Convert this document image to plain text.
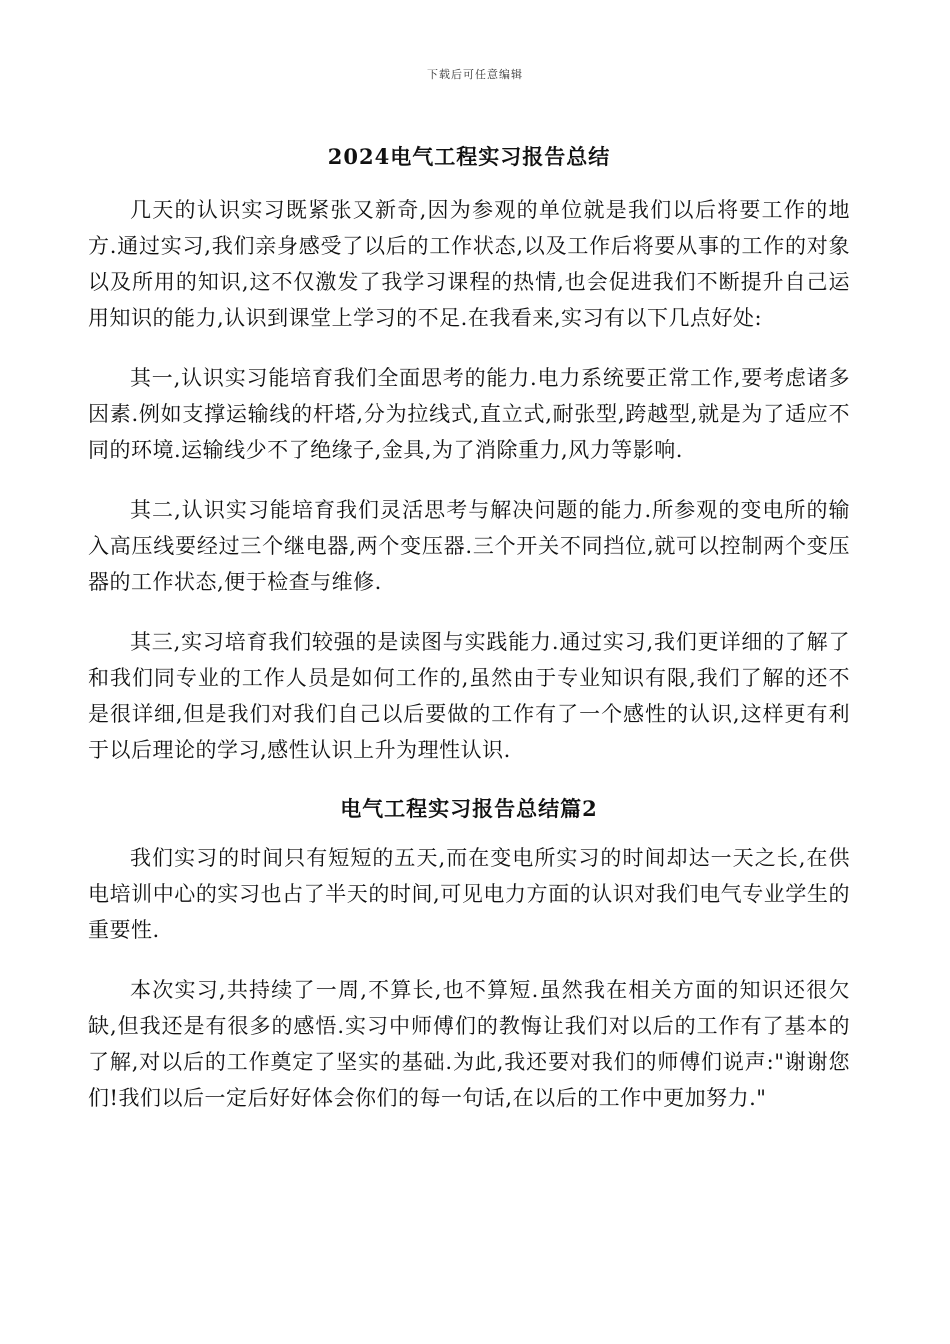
下载后可任意编辑
2024电气工程实习报告总结

几天的认识实习既紧张又新奇,因为参观的单位就是我们以后将要工作的地方.通过实习,我们亲身感受了以后的工作状态,以及工作后将要从事的工作的对象以及所用的知识,这不仅激发了我学习课程的热情,也会促进我们不断提升自己运用知识的能力,认识到课堂上学习的不足.在我看来,实习有以下几点好处:

其一,认识实习能培育我们全面思考的能力.电力系统要正常工作,要考虑诸多因素.例如支撑运输线的杆塔,分为拉线式,直立式,耐张型,跨越型,就是为了适应不同的环境.运输线少不了绝缘子,金具,为了消除重力,风力等影响.

其二,认识实习能培育我们灵活思考与解决问题的能力.所参观的变电所的输入高压线要经过三个继电器,两个变压器.三个开关不同挡位,就可以控制两个变压器的工作状态,便于检查与维修.

其三,实习培育我们较强的是读图与实践能力.通过实习,我们更详细的了解了和我们同专业的工作人员是如何工作的,虽然由于专业知识有限,我们了解的还不是很详细,但是我们对我们自己以后要做的工作有了一个感性的认识,这样更有利于以后理论的学习,感性认识上升为理性认识.

电气工程实习报告总结篇2

我们实习的时间只有短短的五天,而在变电所实习的时间却达一天之长,在供电培训中心的实习也占了半天的时间,可见电力方面的认识对我们电气专业学生的重要性.

本次实习,共持续了一周,不算长,也不算短.虽然我在相关方面的知识还很欠缺,但我还是有很多的感悟.实习中师傅们的教悔让我们对以后的工作有了基本的了解,对以后的工作奠定了坚实的基础.为此,我还要对我们的师傅们说声:"谢谢您们!我们以后一定后好好体会你们的每一句话,在以后的工作中更加努力."
